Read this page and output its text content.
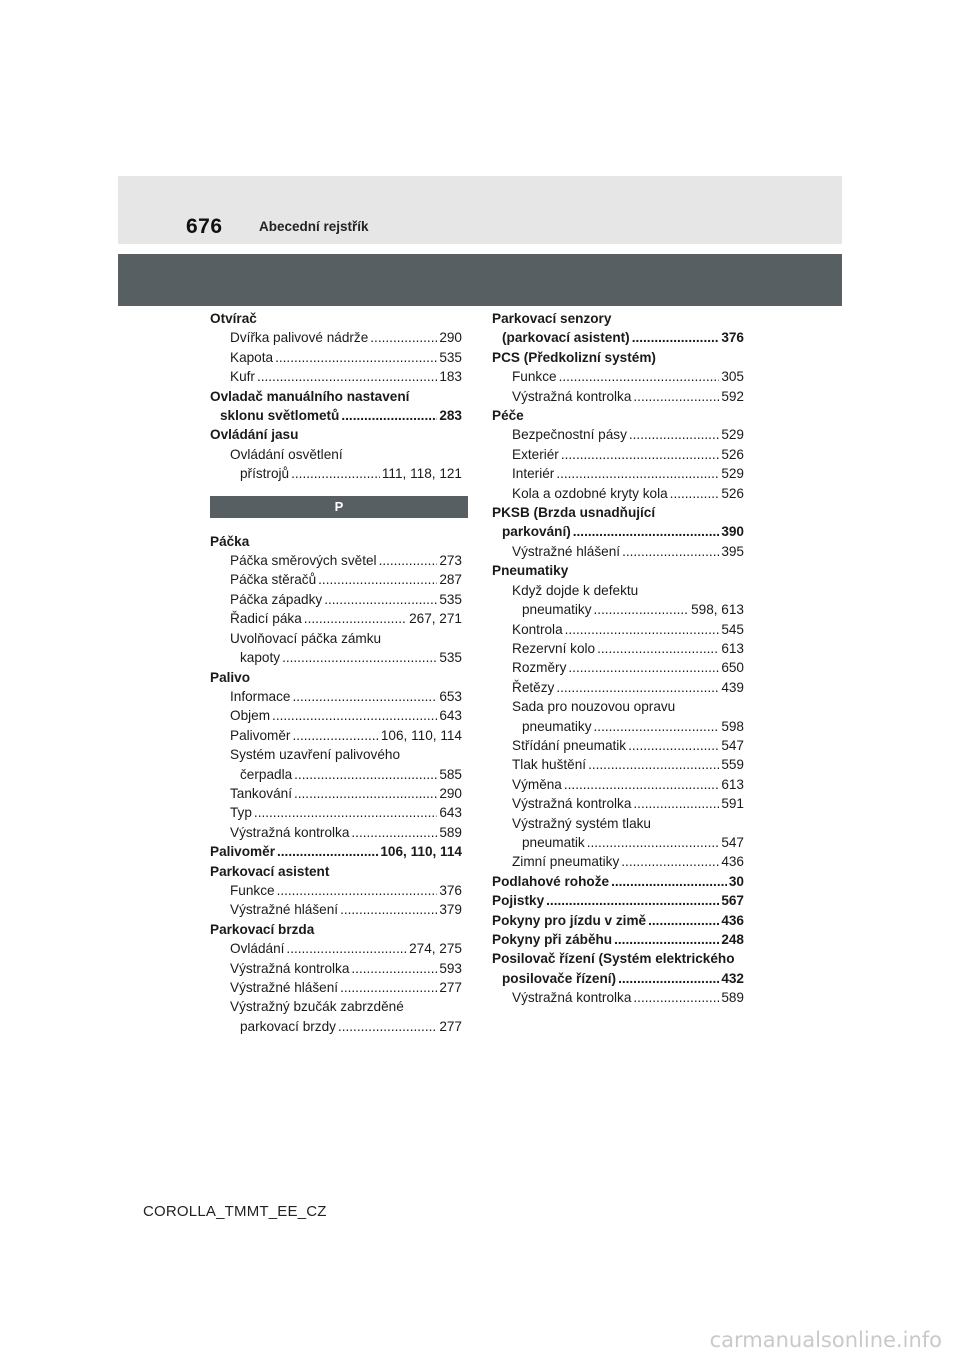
676	Abecední rejstřík
Otvírač
Dvířka palivové nádrže .....	290
Kapota .....	535
Kufr .....	183
Ovladač manuálního nastavení
sklonu světlometů .....	283
Ovládání jasu
Ovládání osvětlení
přístrojů .....	111, 118, 121
P
Páčka
Páčka směrových světel .....	273
Páčka stěračů .....	287
Páčka západky .....	535
Řadicí páka .....	267, 271
Uvolňovací páčka zámku
kapoty .....	535
Palivo
Informace .....	653
Objem .....	643
Palivoměr .....	106, 110, 114
Systém uzavření palivového
čerpadla .....	585
Tankování .....	290
Typ .....	643
Výstražná kontrolka .....	589
Palivoměr .....	106, 110, 114
Parkovací asistent
Funkce .....	376
Výstražné hlášení .....	379
Parkovací brzda
Ovládání .....	274, 275
Výstražná kontrolka .....	593
Výstražné hlášení .....	277
Výstražný bzučák zabrzděné
parkovací brzdy .....	277
Parkovací senzory
(parkovací asistent) .....	376
PCS (Předkolizní systém)
Funkce .....	305
Výstražná kontrolka .....	592
Péče
Bezpečnostní pásy .....	529
Exteriér .....	526
Interiér .....	529
Kola a ozdobné kryty kola .....	526
PKSB (Brzda usnadňující
parkování) .....	390
Výstražné hlášení .....	395
Pneumatiky
Když dojde k defektu
pneumatiky .....	598, 613
Kontrola .....	545
Rezervní kolo .....	613
Rozměry .....	650
Řetězy .....	439
Sada pro nouzovou opravu
pneumatiky .....	598
Střídání pneumatik .....	547
Tlak huštění .....	559
Výměna .....	613
Výstražná kontrolka .....	591
Výstražný systém tlaku
pneumatik .....	547
Zimní pneumatiky .....	436
Podlahové rohože .....	30
Pojistky .....	567
Pokyny pro jízdu v zimě .....	436
Pokyny při záběhu .....	248
Posilovač řízení (Systém elektrického
posilovače řízení) .....	432
Výstražná kontrolka .....	589
COROLLA_TMMT_EE_CZ
carmanualsonline.info
